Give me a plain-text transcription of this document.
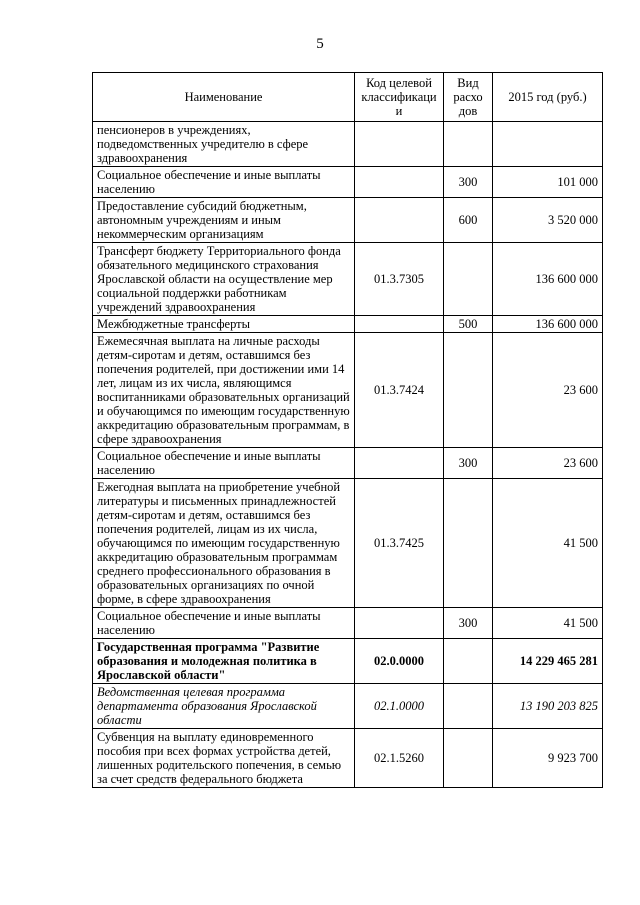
5
Наименование	Код целевой классификаци и	Вид расхо дов	2015 год (руб.)
пенсионеров в учреждениях, подведомственных учредителю в сфере здравоохранения			
Социальное обеспечение и иные выплаты населению		300	101 000
Предоставление субсидий бюджетным, автономным учреждениям и иным некоммерческим организациям		600	3 520 000
Трансферт бюджету Территориального фонда обязательного медицинского страхования Ярославской области на осуществление мер социальной поддержки работникам учреждений здравоохранения	01.3.7305		136 600 000
Межбюджетные трансферты		500	136 600 000
Ежемесячная выплата на личные расходы детям-сиротам и детям, оставшимся без попечения родителей, при достижении ими 14 лет, лицам из их числа, являющимся воспитанниками образовательных организаций и обучающимся по имеющим государственную аккредитацию образовательным программам, в сфере здравоохранения	01.3.7424		23 600
Социальное обеспечение и иные выплаты населению		300	23 600
Ежегодная выплата на приобретение учебной литературы и письменных принадлежностей детям-сиротам и детям, оставшимся без попечения родителей, лицам из их числа, обучающимся по имеющим государственную аккредитацию образовательным программам среднего профессионального образования в образовательных организациях по очной форме, в сфере здравоохранения	01.3.7425		41 500
Социальное обеспечение и иные выплаты населению		300	41 500
Государственная программа "Развитие образования и молодежная политика в Ярославской области"	02.0.0000		14 229 465 281
Ведомственная целевая программа департамента образования Ярославской области	02.1.0000		13 190 203 825
Субвенция на выплату единовременного пособия при всех формах устройства детей, лишенных родительского попечения, в семью за счет средств федерального бюджета	02.1.5260		9 923 700
